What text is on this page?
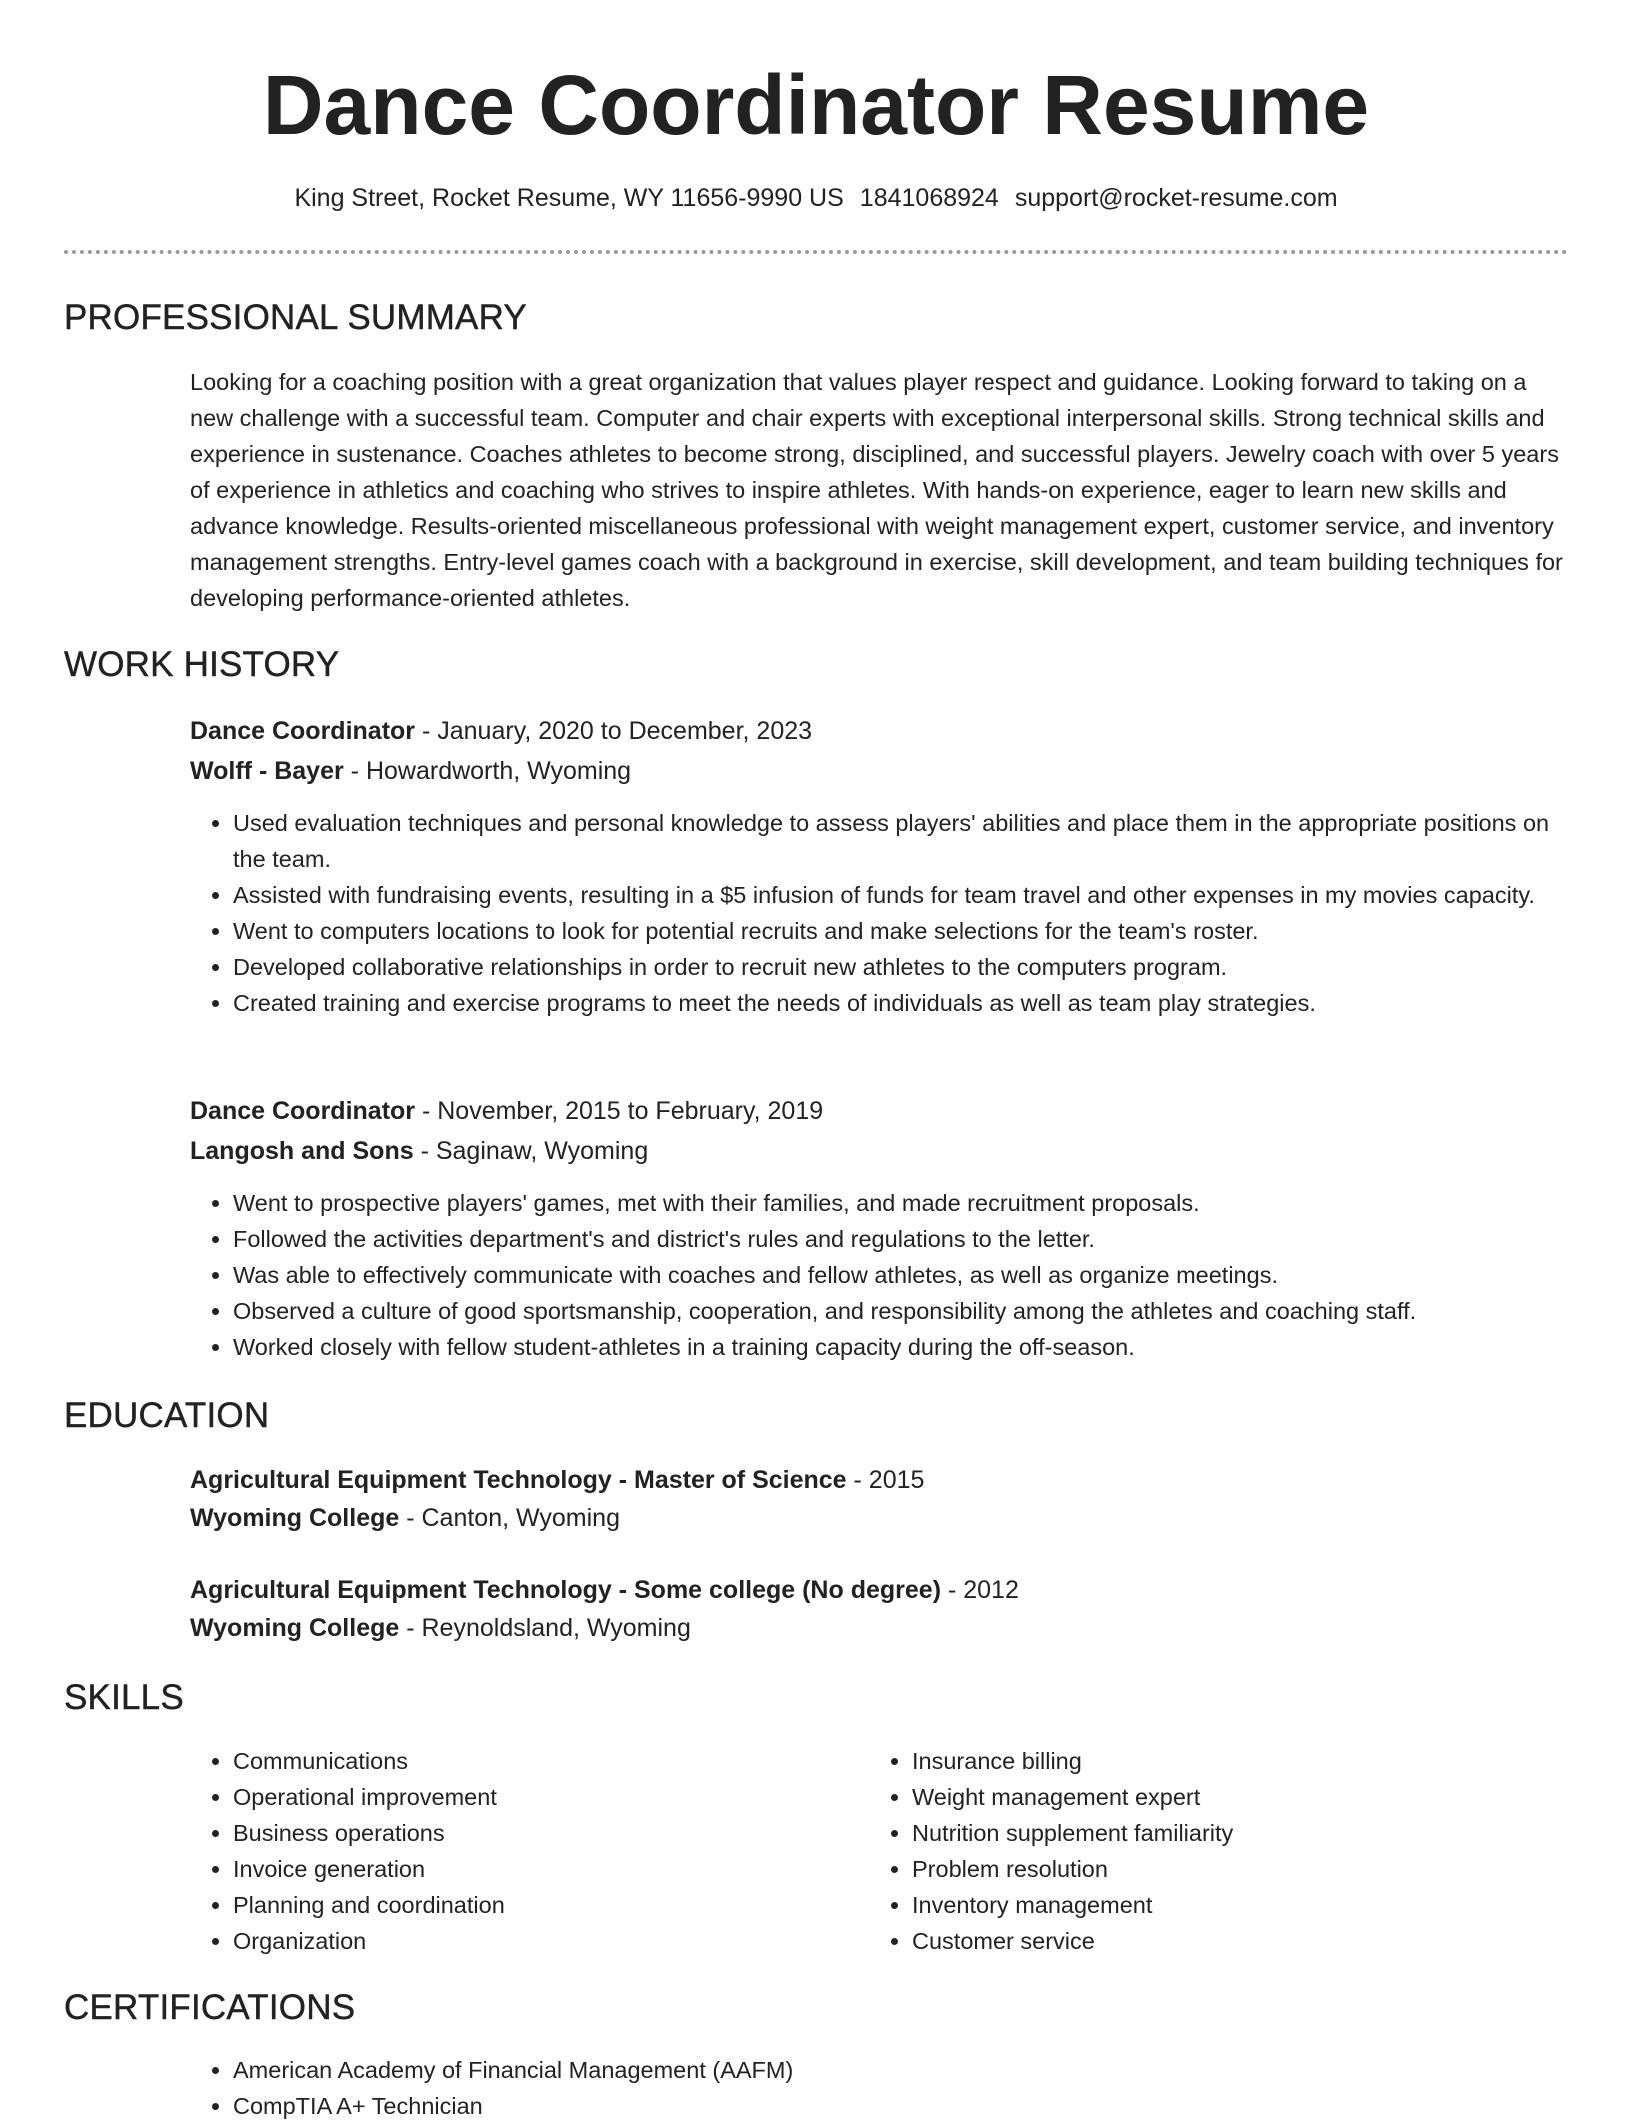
Dance Coordinator Resume
King Street, Rocket Resume, WY 11656-9990 US 1841068924 support@rocket-resume.com
PROFESSIONAL SUMMARY
Looking for a coaching position with a great organization that values player respect and guidance. Looking forward to taking on a new challenge with a successful team. Computer and chair experts with exceptional interpersonal skills. Strong technical skills and experience in sustenance. Coaches athletes to become strong, disciplined, and successful players. Jewelry coach with over 5 years of experience in athletics and coaching who strives to inspire athletes. With hands-on experience, eager to learn new skills and advance knowledge. Results-oriented miscellaneous professional with weight management expert, customer service, and inventory management strengths. Entry-level games coach with a background in exercise, skill development, and team building techniques for developing performance-oriented athletes.
WORK HISTORY
Dance Coordinator - January, 2020 to December, 2023
Wolff - Bayer - Howardworth, Wyoming
• Used evaluation techniques and personal knowledge to assess players' abilities and place them in the appropriate positions on the team.
• Assisted with fundraising events, resulting in a $5 infusion of funds for team travel and other expenses in my movies capacity.
• Went to computers locations to look for potential recruits and make selections for the team's roster.
• Developed collaborative relationships in order to recruit new athletes to the computers program.
• Created training and exercise programs to meet the needs of individuals as well as team play strategies.
Dance Coordinator - November, 2015 to February, 2019
Langosh and Sons - Saginaw, Wyoming
• Went to prospective players' games, met with their families, and made recruitment proposals.
• Followed the activities department's and district's rules and regulations to the letter.
• Was able to effectively communicate with coaches and fellow athletes, as well as organize meetings.
• Observed a culture of good sportsmanship, cooperation, and responsibility among the athletes and coaching staff.
• Worked closely with fellow student-athletes in a training capacity during the off-season.
EDUCATION
Agricultural Equipment Technology - Master of Science - 2015
Wyoming College - Canton, Wyoming
Agricultural Equipment Technology - Some college (No degree) - 2012
Wyoming College - Reynoldsland, Wyoming
SKILLS
• Communications
• Operational improvement
• Business operations
• Invoice generation
• Planning and coordination
• Organization
• Insurance billing
• Weight management expert
• Nutrition supplement familiarity
• Problem resolution
• Inventory management
• Customer service
CERTIFICATIONS
• American Academy of Financial Management (AAFM)
• CompTIA A+ Technician
